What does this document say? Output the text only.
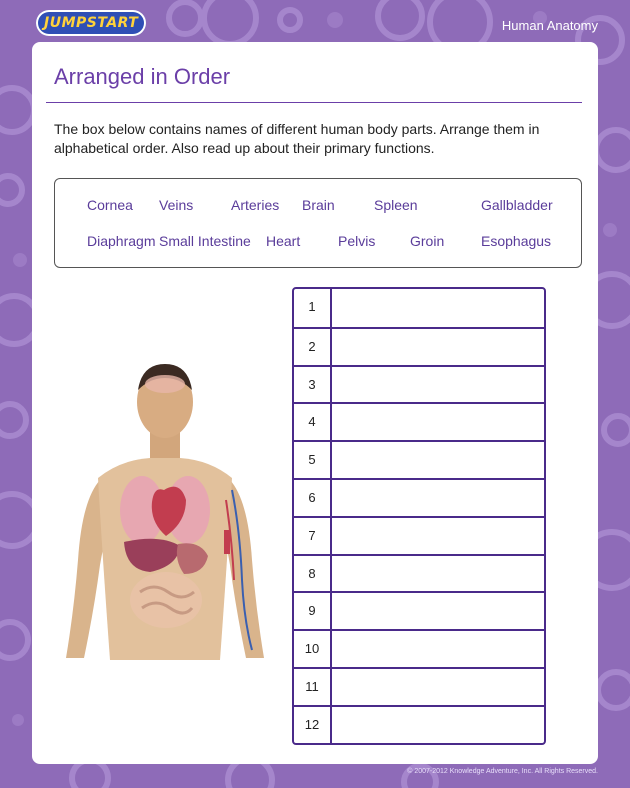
JUMPSTART	Human Anatomy
Arranged in Order

The box below contains names of different human body parts. Arrange them in alphabetical order. Also read up about their primary functions.

Cornea Veins	Arteries Brain	Spleen	Gallbladder
Diaphragm Small Intestine Heart	Pelvis Groin	Esophagus
1
2
3
4
5
6
7
8
9
10
11
12
© 2007-2012 Knowledge Adventure, Inc. All Rights Reserved.
